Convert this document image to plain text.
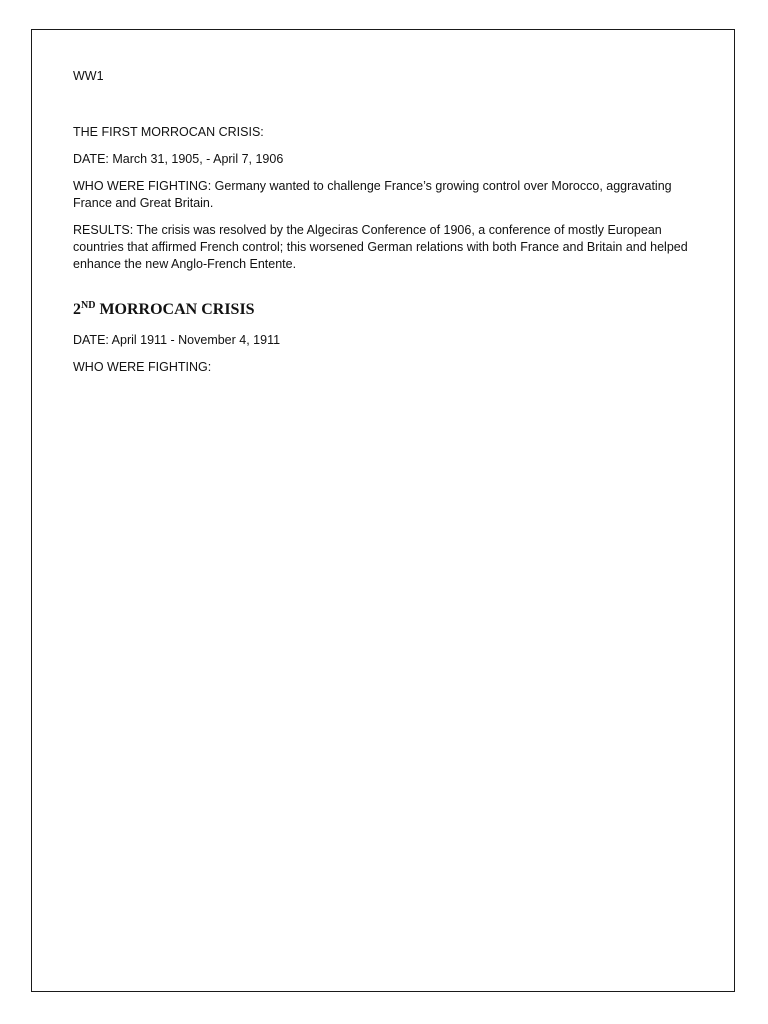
WW1

THE FIRST MORROCAN CRISIS:

DATE: March 31, 1905, - April 7, 1906

WHO WERE FIGHTING: Germany wanted to challenge France’s growing control over Morocco, aggravating France and Great Britain.

RESULTS: The crisis was resolved by the Algeciras Conference of 1906, a conference of mostly European countries that affirmed French control; this worsened German relations with both France and Britain and helped enhance the new Anglo-French Entente.

2ND MORROCAN CRISIS

DATE: April 1911 - November 4, 1911

WHO WERE FIGHTING:
